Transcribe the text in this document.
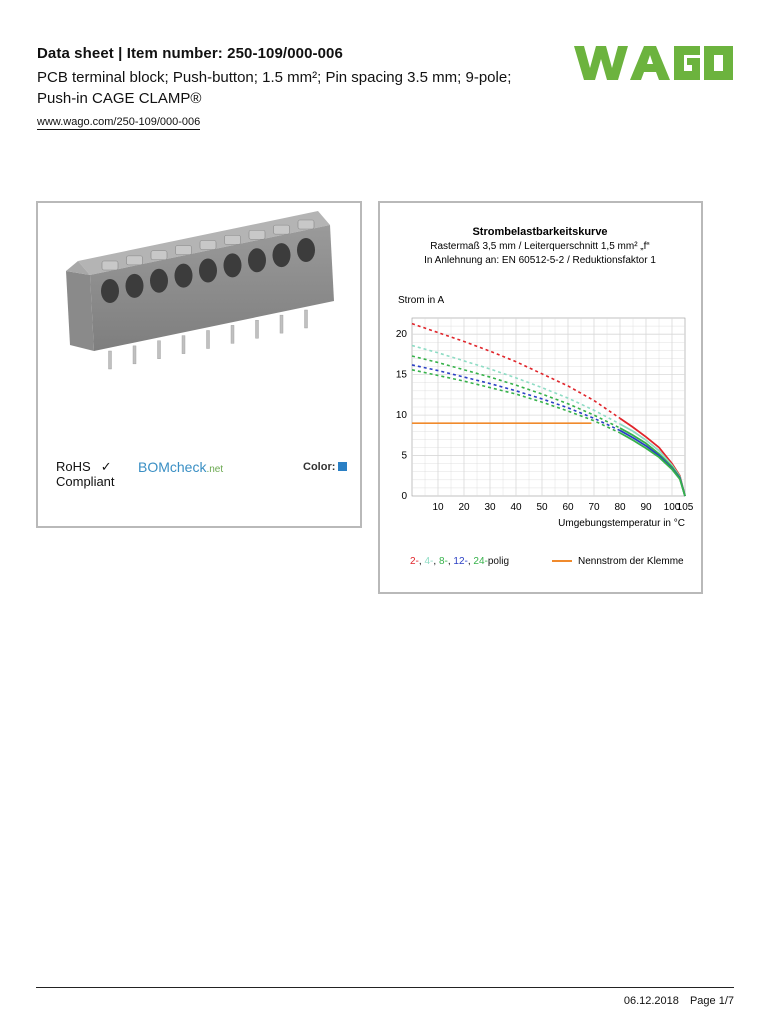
Data sheet | Item number: 250-109/000-006
PCB terminal block; Push-button; 1.5 mm²; Pin spacing 3.5 mm; 9-pole; Push-in CAGE CLAMP®
www.wago.com/250-109/000-006
WAGO
RoHS ✓
Compliant
BOMcheck.net	Color:
Strombelastbarkeitskurve
Rastermaß 3,5 mm / Leiterquerschnitt 1,5 mm² „f“
In Anlehnung an: EN 60512-5-2 / Reduktionsfaktor 1
Strom in A
Umgebungstemperatur in °C
10 20 30 40 50 60 70 80 90 100
105
0
5
10
15
20
2-, 4-, 8-, 12-, 24-polig	Nennstrom der Klemme
06.12.2018 Page 1/7
